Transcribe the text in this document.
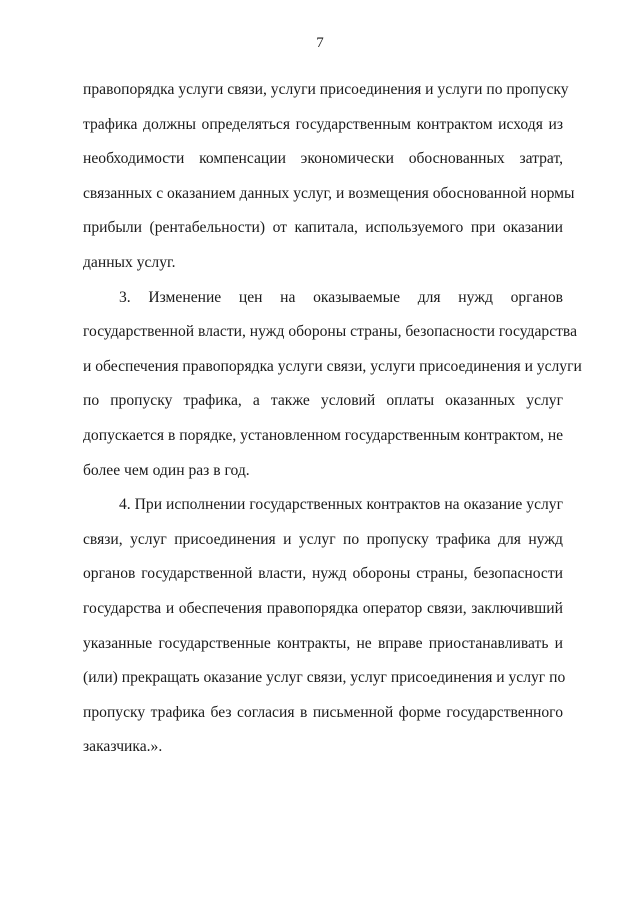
7
правопорядка услуги связи, услуги присоединения и услуги по пропуску
трафика должны определяться государственным контрактом исходя из
необходимости компенсации экономически обоснованных затрат,
связанных с оказанием данных услуг, и возмещения обоснованной нормы
прибыли (рентабельности) от капитала, используемого при оказании
данных услуг.
3. Изменение цен на оказываемые для нужд органов
государственной власти, нужд обороны страны, безопасности государства
и обеспечения правопорядка услуги связи, услуги присоединения и услуги
по пропуску трафика, а также условий оплаты оказанных услуг
допускается в порядке, установленном государственным контрактом, не
более чем один раз в год.
4. При исполнении государственных контрактов на оказание услуг
связи, услуг присоединения и услуг по пропуску трафика для нужд
органов государственной власти, нужд обороны страны, безопасности
государства и обеспечения правопорядка оператор связи, заключивший
указанные государственные контракты, не вправе приостанавливать и
(или) прекращать оказание услуг связи, услуг присоединения и услуг по
пропуску трафика без согласия в письменной форме государственного
заказчика.».
